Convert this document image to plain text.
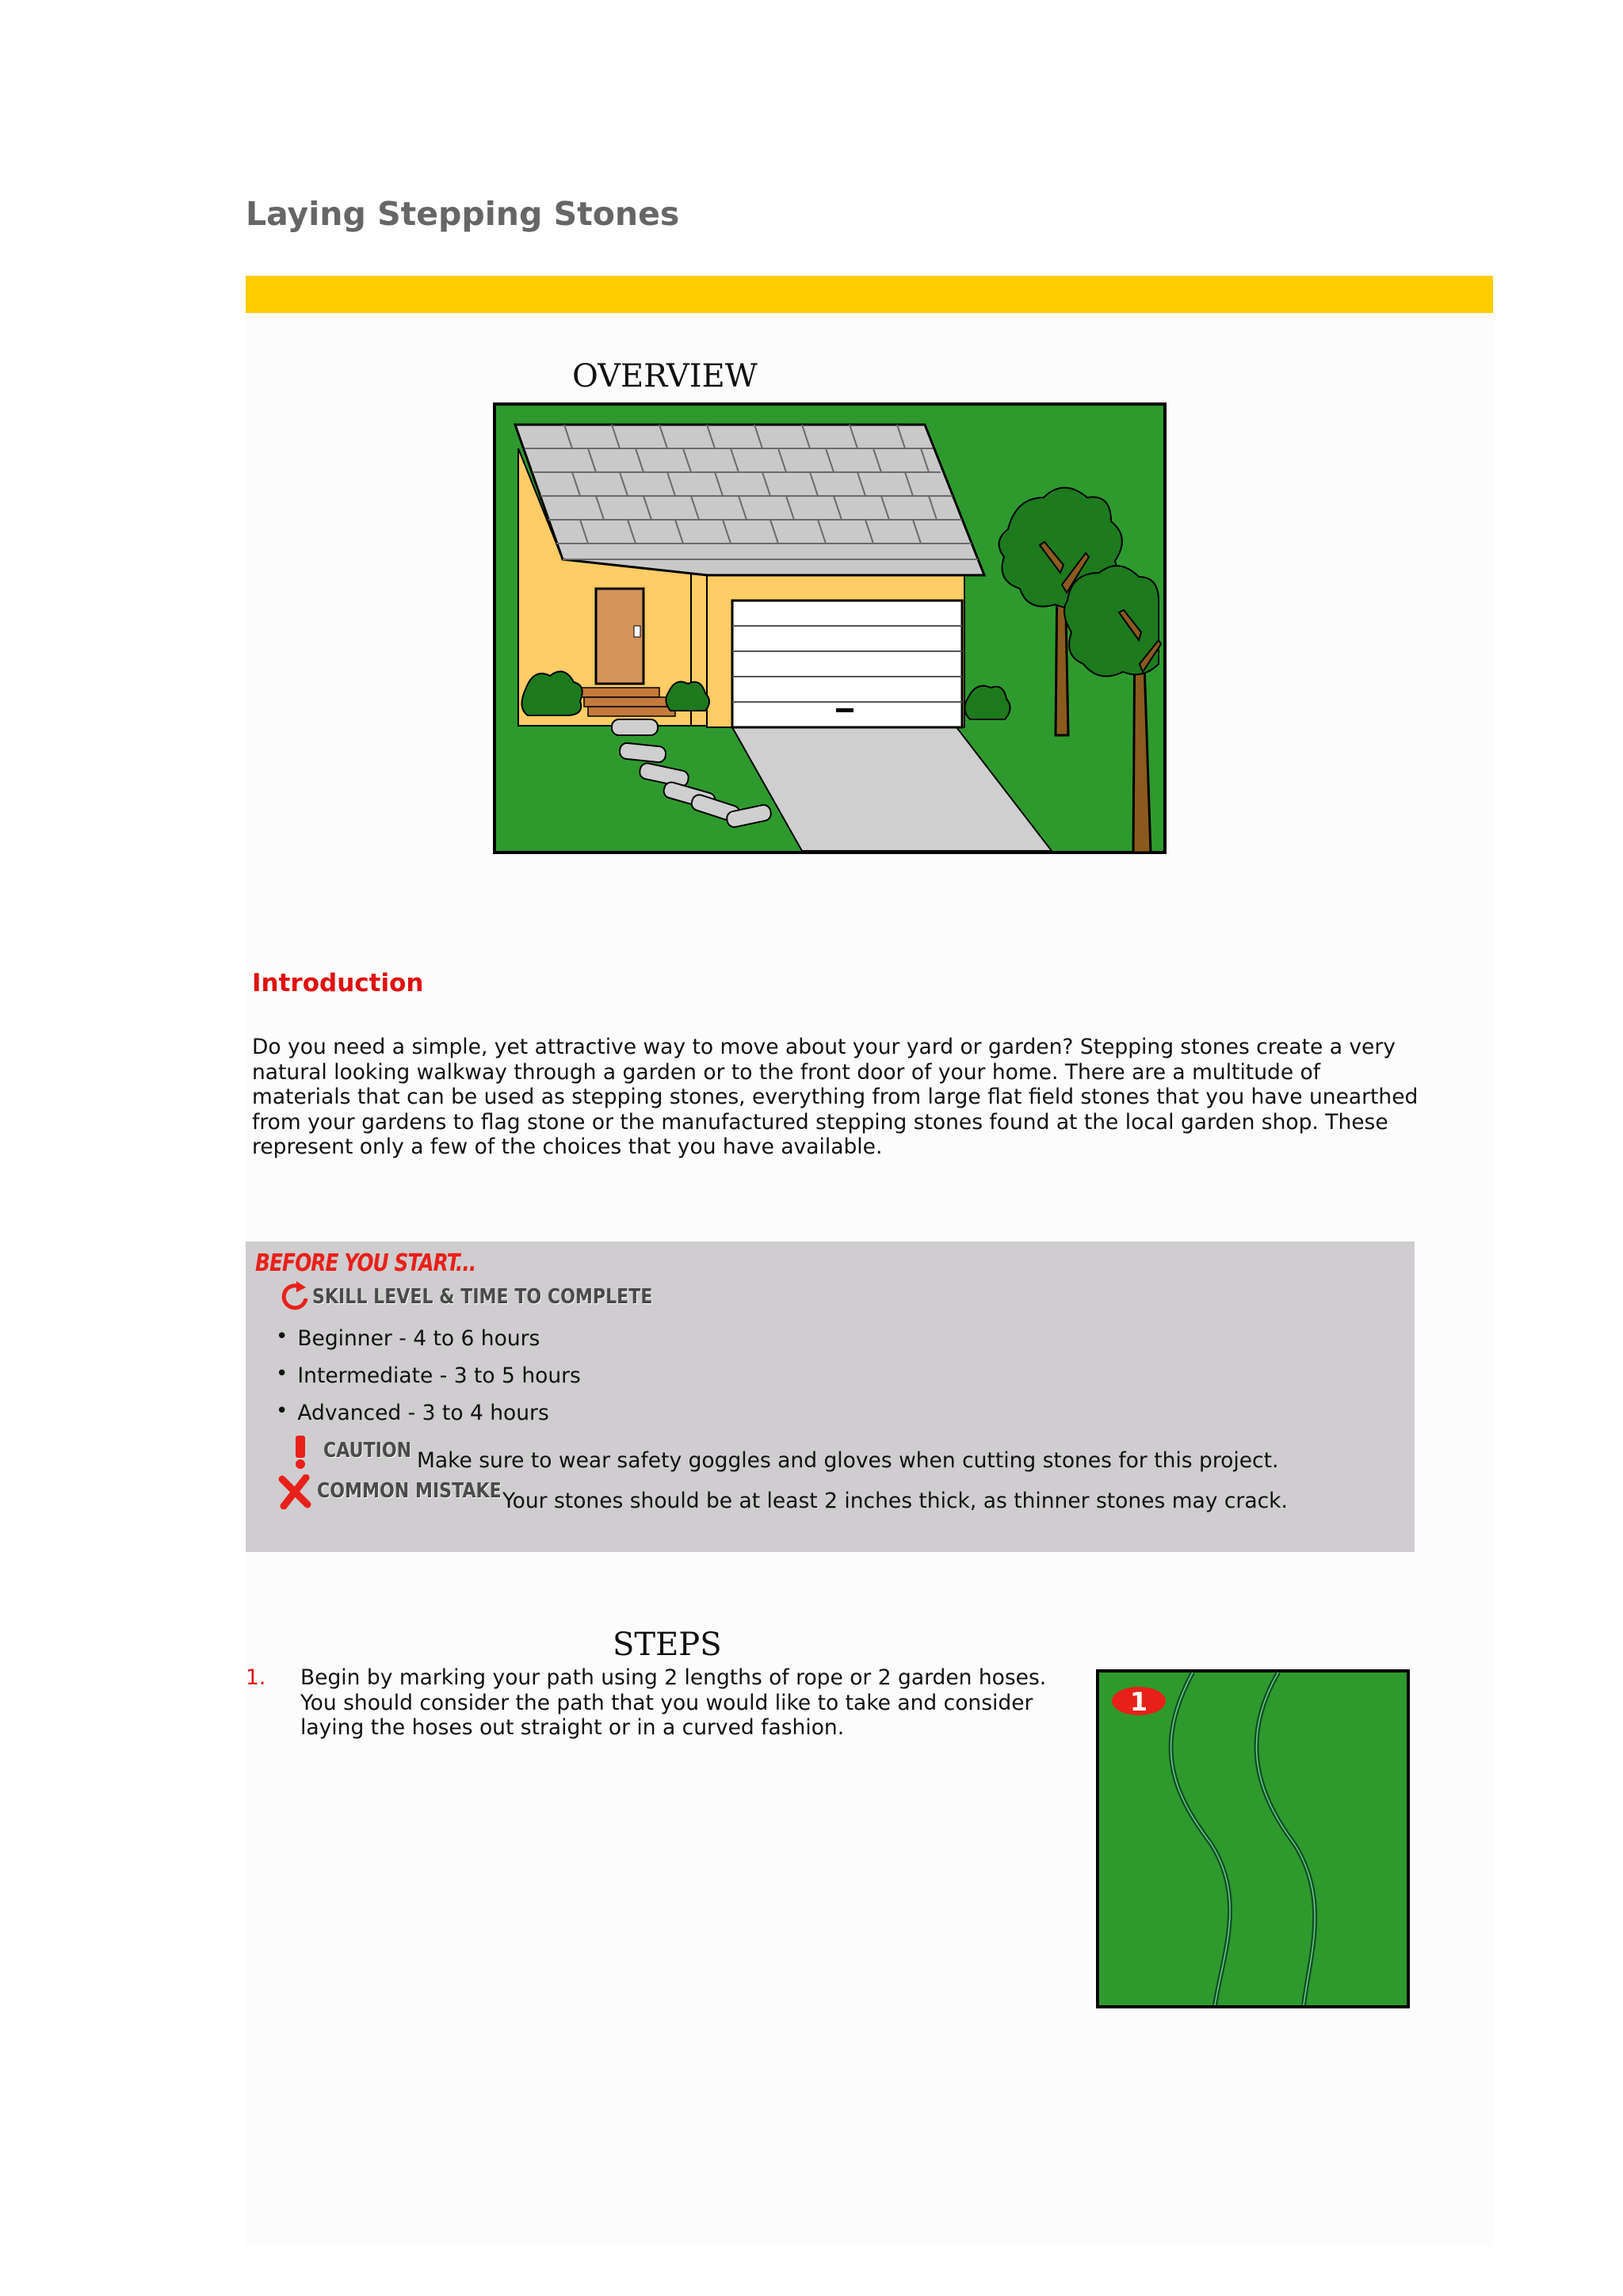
Laying Stepping Stones
OVERVIEW
Introduction

Do you need a simple, yet attractive way to move about your yard or garden? Stepping stones create a very natural looking walkway through a garden or to the front door of your home. There are a multitude of materials that can be used as stepping stones, everything from large flat field stones that you have unearthed from your gardens to flag stone or the manufactured stepping stones found at the local garden shop. These represent only a few of the choices that you have available.

BEFORE YOU START...
SKILL LEVEL & TIME TO COMPLETE
• Beginner - 4 to 6 hours
• Intermediate - 3 to 5 hours
• Advanced - 3 to 4 hours
CAUTION Make sure to wear safety goggles and gloves when cutting stones for this project.
COMMON MISTAKE Your stones should be at least 2 inches thick, as thinner stones may crack.
STEPS
1. Begin by marking your path using 2 lengths of rope or 2 garden hoses. You should consider the path that you would like to take and consider laying the hoses out straight or in a curved fashion.

1
